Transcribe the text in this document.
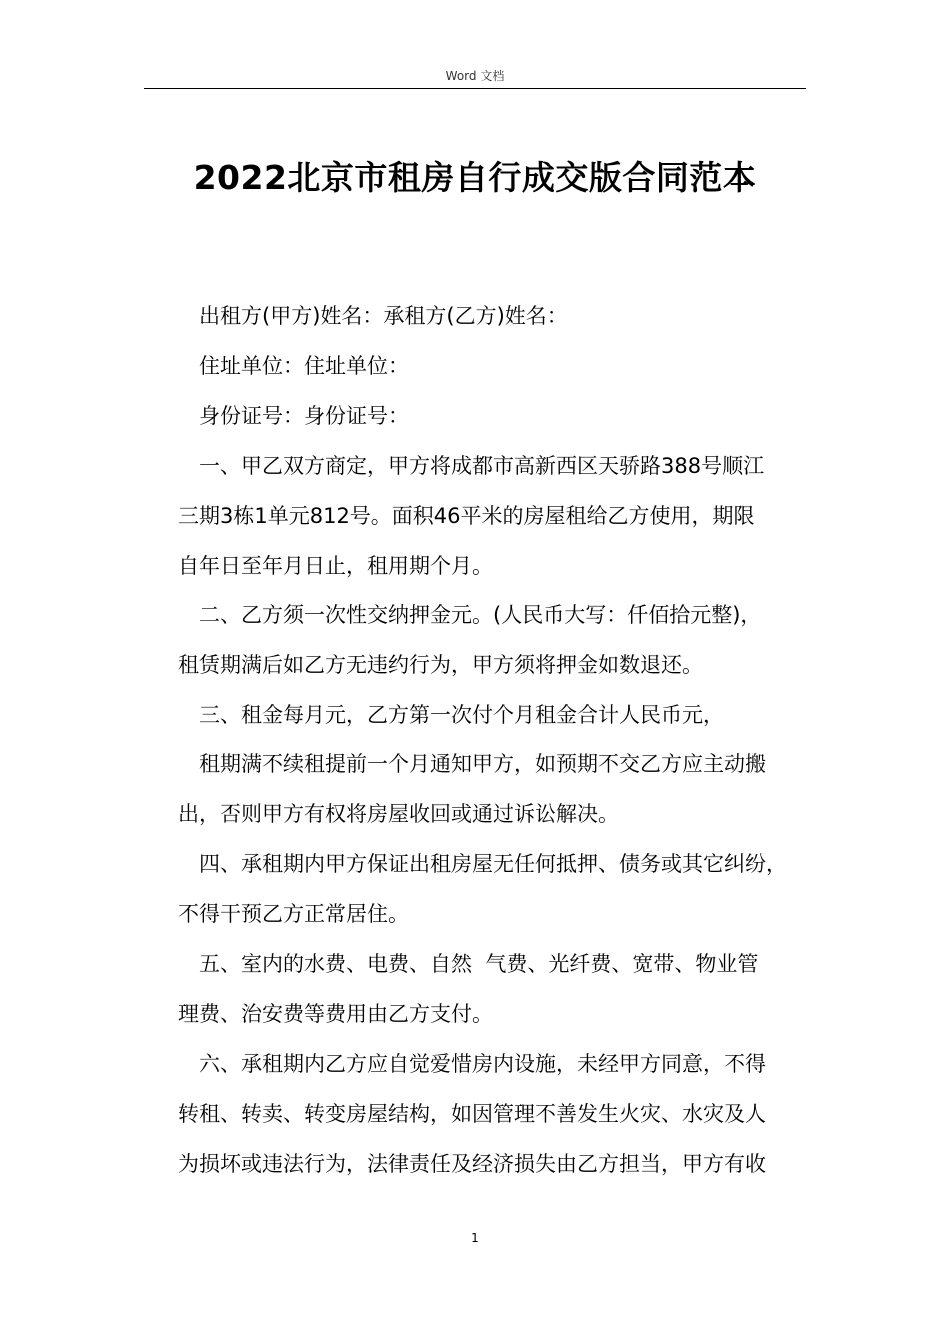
Word 文档
2022北京市租房自行成交版合同范本
出租方(甲方)姓名：承租方(乙方)姓名：
住址单位：住址单位：
身份证号：身份证号：
一、甲乙双方商定，甲方将成都市高新西区天骄路388号顺江
三期3栋1单元812号。面积46平米的房屋租给乙方使用，期限
自年日至年月日止，租用期个月。
二、乙方须一次性交纳押金元。(人民币大写：仟佰拾元整)，
租赁期满后如乙方无违约行为，甲方须将押金如数退还。
三、租金每月元，乙方第一次付个月租金合计人民币元，
租期满不续租提前一个月通知甲方，如预期不交乙方应主动搬
出，否则甲方有权将房屋收回或通过诉讼解决。
四、承租期内甲方保证出租房屋无任何抵押、债务或其它纠纷，
不得干预乙方正常居住。
五、室内的水费、电费、自然  气费、光纤费、宽带、物业管
理费、治安费等费用由乙方支付。
六、承租期内乙方应自觉爱惜房内设施，未经甲方同意，不得
转租、转卖、转变房屋结构，如因管理不善发生火灾、水灾及人
为损坏或违法行为，法律责任及经济损失由乙方担当，甲方有收
1
